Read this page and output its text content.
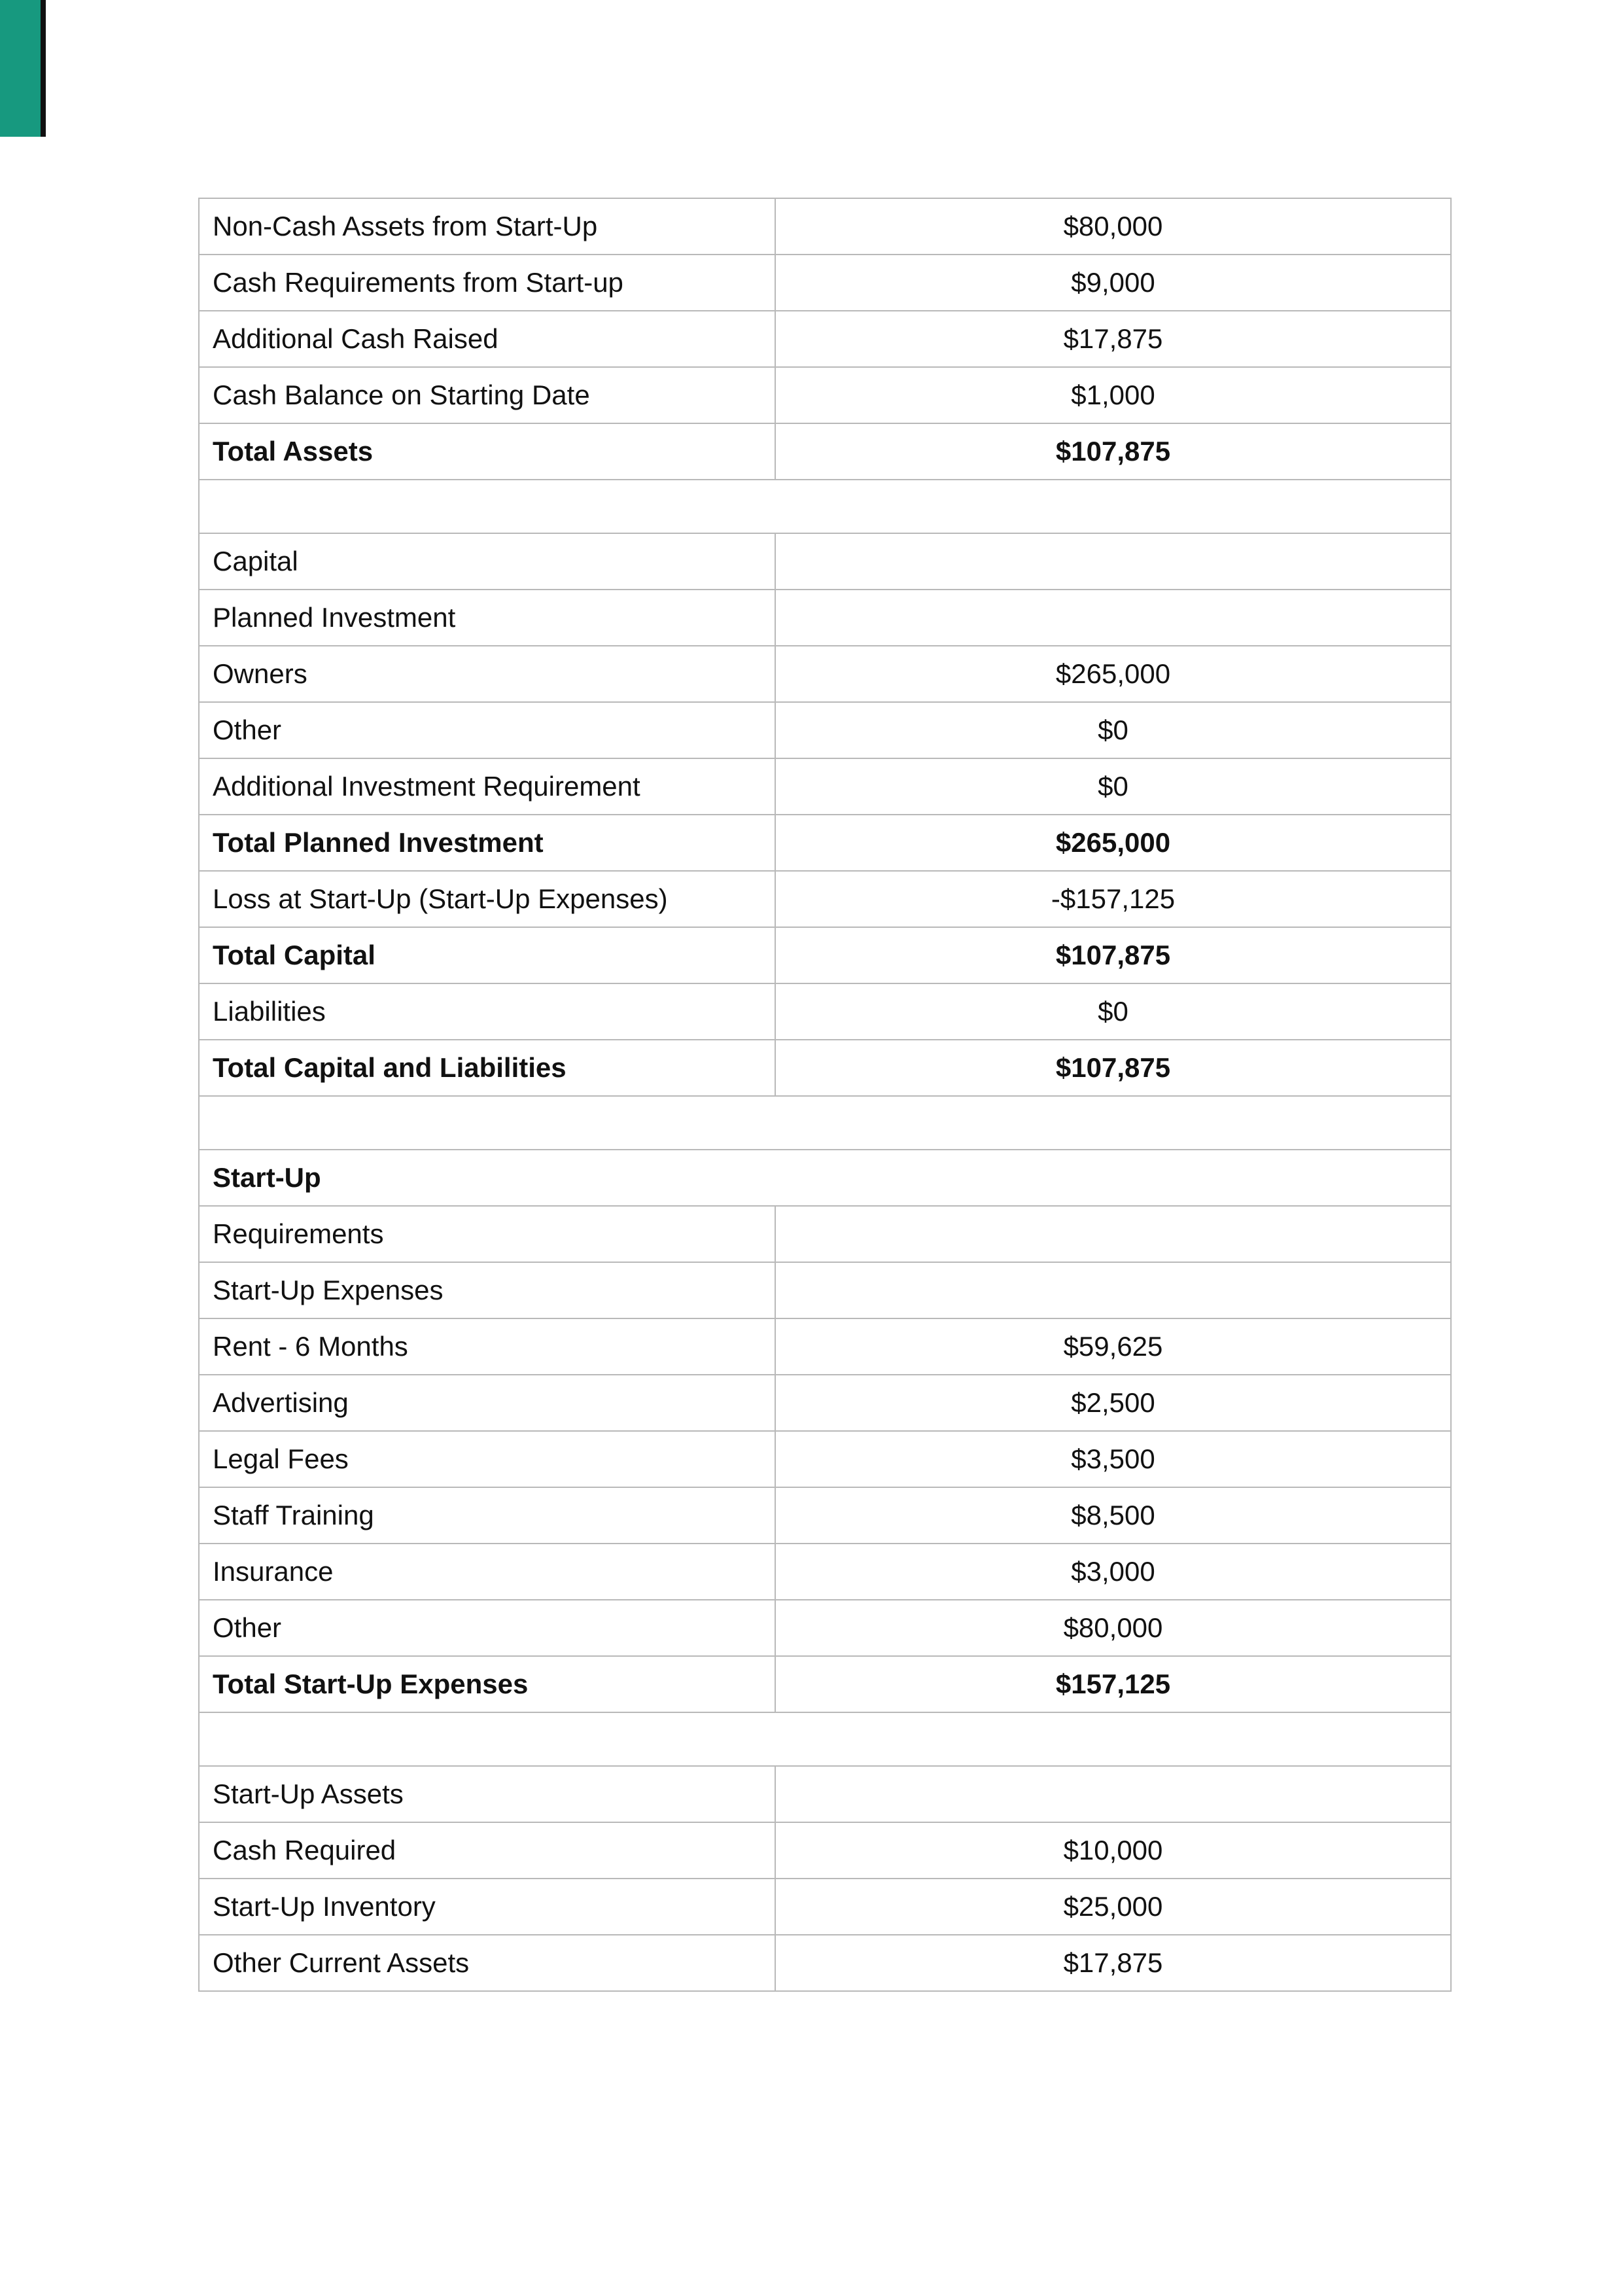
Non-Cash Assets from Start-Up	$80,000
Cash Requirements from Start-up	$9,000
Additional Cash Raised	$17,875
Cash Balance on Starting Date	$1,000
Total Assets	$107,875

Capital	
Planned Investment	
Owners	$265,000
Other	$0
Additional Investment Requirement	$0
Total Planned Investment	$265,000
Loss at Start-Up (Start-Up Expenses)	-$157,125
Total Capital	$107,875
Liabilities	$0
Total Capital and Liabilities	$107,875

Start-Up	
Requirements	
Start-Up Expenses	
Rent - 6 Months	$59,625
Advertising	$2,500
Legal Fees	$3,500
Staff Training	$8,500
Insurance	$3,000
Other	$80,000
Total Start-Up Expenses	$157,125

Start-Up Assets	
Cash Required	$10,000
Start-Up Inventory	$25,000
Other Current Assets	$17,875
